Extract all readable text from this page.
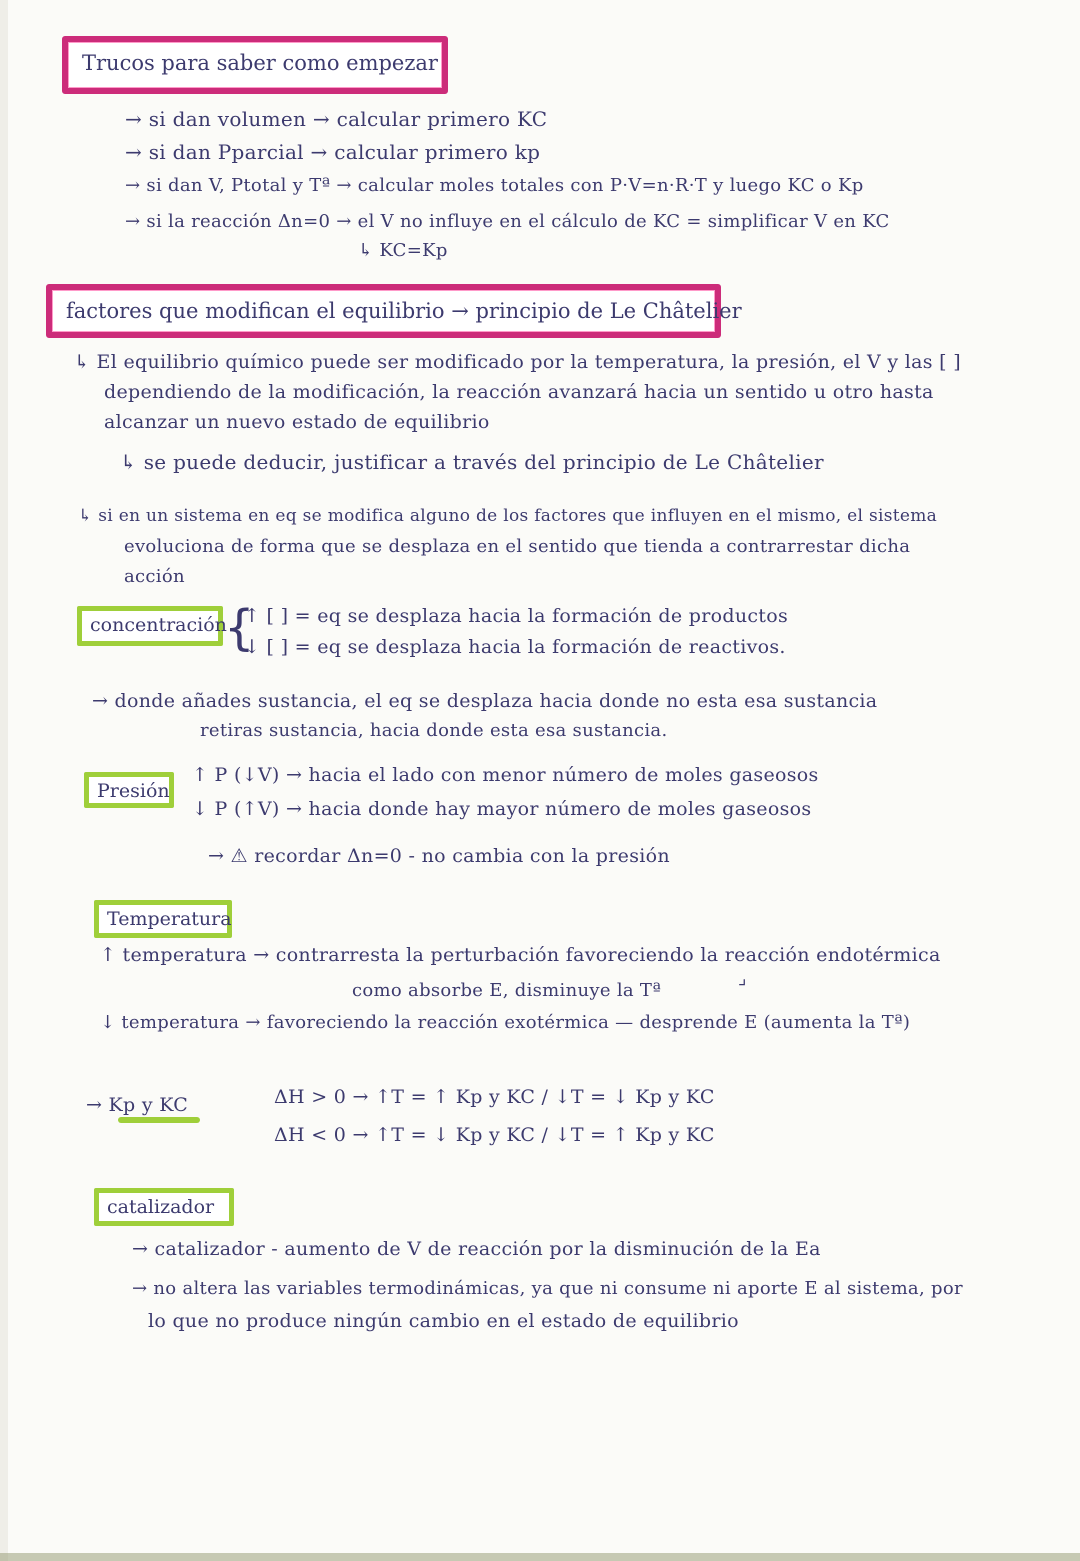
Trucos para saber como empezar
→ si dan volumen → calcular primero KC
→ si dan Pparcial → calcular primero kp
→ si dan V, Ptotal y Tª → calcular moles totales con P·V=n·R·T y luego KC o Kp
→ si la reacción Δn=0 → el V no influye en el cálculo de KC = simplificar V en KC
↳ KC=Kp
factores que modifican el equilibrio → principio de Le Châtelier
↳ El equilibrio químico puede ser modificado por la temperatura, la presión, el V y las [ ]
dependiendo de la modificación, la reacción avanzará hacia un sentido u otro hasta
alcanzar un nuevo estado de equilibrio
↳ se puede deducir, justificar a través del principio de Le Châtelier
↳ si en un sistema en eq se modifica alguno de los factores que influyen en el mismo, el sistema
evoluciona de forma que se desplaza en el sentido que tienda a contrarrestar dicha
acción
concentración
{
↑ [ ] = eq se desplaza hacia la formación de productos
↓ [ ] = eq se desplaza hacia la formación de reactivos.
→ donde añades sustancia, el eq se desplaza hacia donde no esta esa sustancia
retiras sustancia, hacia donde esta esa sustancia.
Presión
↑ P (↓V) → hacia el lado con menor número de moles gaseosos
↓ P (↑V) → hacia donde hay mayor número de moles gaseosos
→ ⚠ recordar Δn=0 - no cambia con la presión
Temperatura
↑ temperatura → contrarresta la perturbación favoreciendo la reacción endotérmica
como absorbe E, disminuye la Tª
⌟
↓ temperatura → favoreciendo la reacción exotérmica — desprende E (aumenta la Tª)
→ Kp y KC	ΔH > 0 → ↑T = ↑ Kp y KC / ↓T = ↓ Kp y KC
ΔH < 0 → ↑T = ↓ Kp y KC / ↓T = ↑ Kp y KC
catalizador
→ catalizador - aumento de V de reacción por la disminución de la Ea
→ no altera las variables termodinámicas, ya que ni consume ni aporte E al sistema, por
lo que no produce ningún cambio en el estado de equilibrio
